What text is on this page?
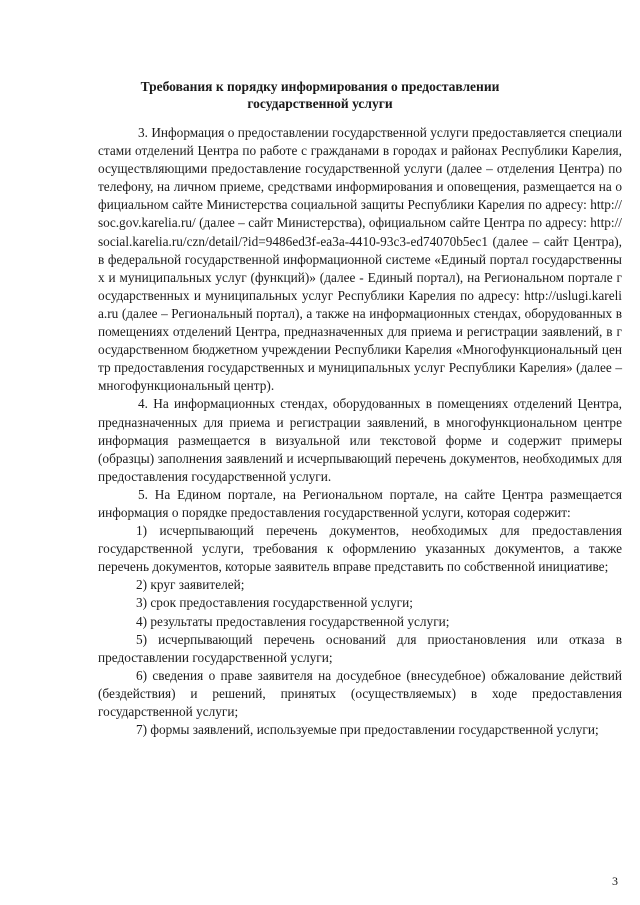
Требования к порядку информирования о предоставлении
государственной услуги

3. Информация о предоставлении государственной услуги предоставляется специалистами отделений Центра по работе с гражданами в городах и районах Республики Карелия, осуществляющими предоставление государственной услуги (далее – отделения Центра) по телефону, на личном приеме, средствами информирования и оповещения, размещается на официальном сайте Министерства социальной защиты Республики Карелия по адресу: http://soc.gov.karelia.ru/ (далее – сайт Министерства), официальном сайте Центра по адресу: http://social.karelia.ru/czn/detail/?id=9486ed3f-ea3a-4410-93c3-ed74070b5ec1 (далее – сайт Центра), в федеральной государственной информационной системе «Единый портал государственных и муниципальных услуг (функций)» (далее - Единый портал), на Региональном портале государственных и муниципальных услуг Республики Карелия по адресу: http://uslugi.karelia.ru (далее – Региональный портал), а также на информационных стендах, оборудованных в помещениях отделений Центра, предназначенных для приема и регистрации заявлений, в государственном бюджетном учреждении Республики Карелия «Многофункциональный центр предоставления государственных и муниципальных услуг Республики Карелия» (далее – многофункциональный центр).

4. На информационных стендах, оборудованных в помещениях отделений Центра, предназначенных для приема и регистрации заявлений, в многофункциональном центре информация размещается в визуальной или текстовой форме и содержит примеры (образцы) заполнения заявлений и исчерпывающий перечень документов, необходимых для предоставления государственной услуги.

5. На Едином портале, на Региональном портале, на сайте Центра размещается информация о порядке предоставления государственной услуги, которая содержит:

1) исчерпывающий перечень документов, необходимых для предоставления государственной услуги, требования к оформлению указанных документов, а также перечень документов, которые заявитель вправе представить по собственной инициативе;

2) круг заявителей;

3) срок предоставления государственной услуги;

4) результаты предоставления государственной услуги;

5) исчерпывающий перечень оснований для приостановления или отказа в предоставлении государственной услуги;

6) сведения о праве заявителя на досудебное (внесудебное) обжалование действий (бездействия) и решений, принятых (осуществляемых) в ходе предоставления государственной услуги;

7) формы заявлений, используемые при предоставлении государственной услуги;

3
